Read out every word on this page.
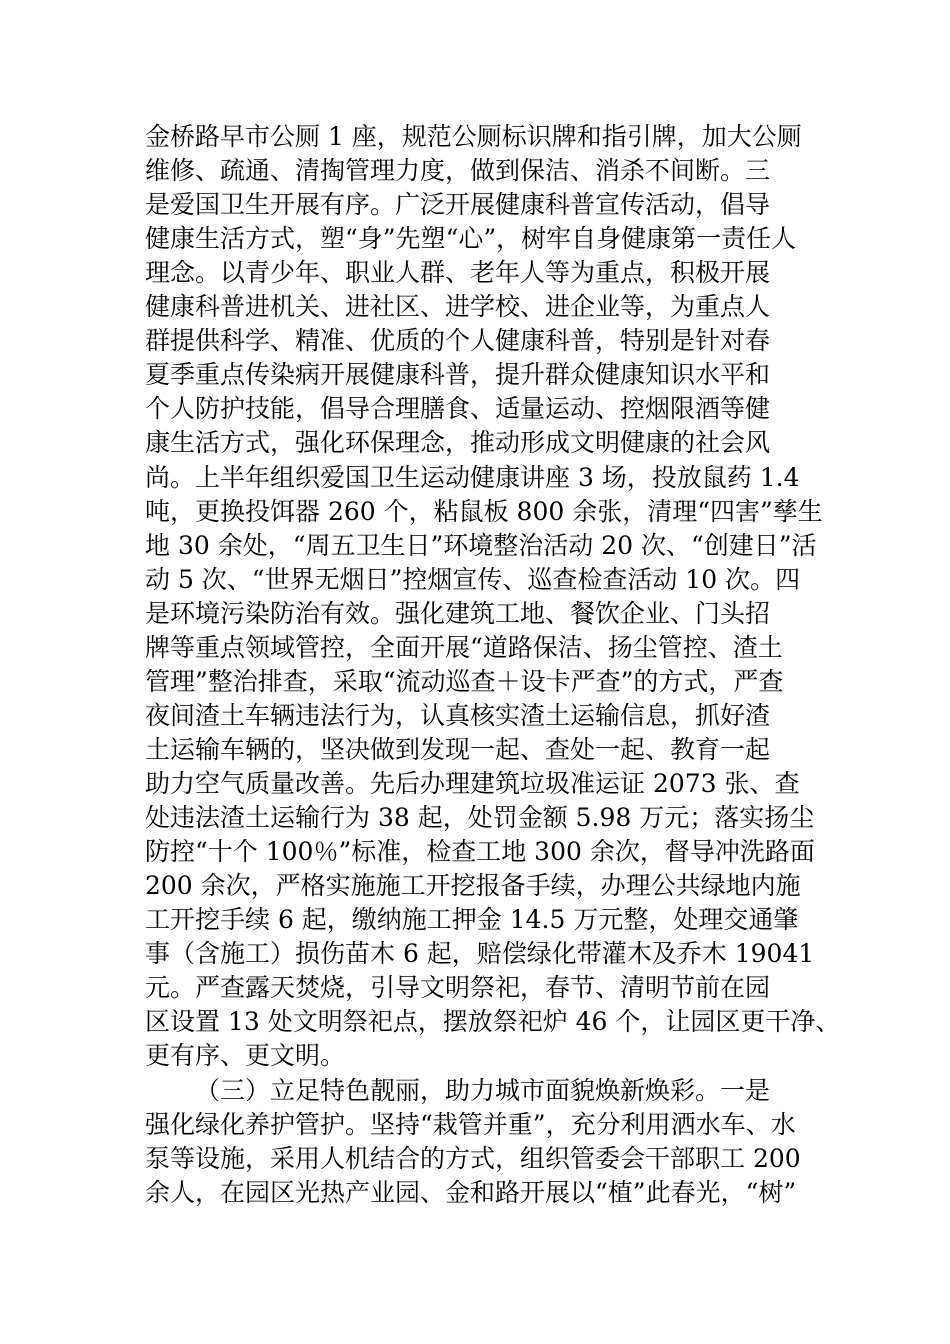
金桥路早市公厕 1 座，规范公厕标识牌和指引牌，加大公厕
维修、疏通、清掏管理力度，做到保洁、消杀不间断。三
是爱国卫生开展有序。广泛开展健康科普宣传活动，倡导
健康生活方式，塑“身”先塑“心”，树牢自身健康第一责任人
理念。以青少年、职业人群、老年人等为重点，积极开展
健康科普进机关、进社区、进学校、进企业等，为重点人
群提供科学、精准、优质的个人健康科普，特别是针对春
夏季重点传染病开展健康科普，提升群众健康知识水平和
个人防护技能，倡导合理膳食、适量运动、控烟限酒等健
康生活方式，强化环保理念，推动形成文明健康的社会风
尚。上半年组织爱国卫生运动健康讲座 3 场，投放鼠药 1.4
吨，更换投饵器 260 个，粘鼠板 800 余张，清理“四害”孳生
地 30 余处，“周五卫生日”环境整治活动 20 次、“创建日”活
动 5 次、“世界无烟日”控烟宣传、巡查检查活动 10 次。四
是环境污染防治有效。强化建筑工地、餐饮企业、门头招
牌等重点领域管控，全面开展“道路保洁、扬尘管控、渣土
管理”整治排查，采取“流动巡查＋设卡严查”的方式，严查
夜间渣土车辆违法行为，认真核实渣土运输信息，抓好渣
土运输车辆的，坚决做到发现一起、查处一起、教育一起
助力空气质量改善。先后办理建筑垃圾准运证 2073 张、查
处违法渣土运输行为 38 起，处罚金额 5.98 万元；落实扬尘
防控“十个 100％”标准，检查工地 300 余次，督导冲洗路面
200 余次，严格实施施工开挖报备手续，办理公共绿地内施
工开挖手续 6 起，缴纳施工押金 14.5 万元整，处理交通肇
事（含施工）损伤苗木 6 起，赔偿绿化带灌木及乔木 19041
元。严查露天焚烧，引导文明祭祀，春节、清明节前在园
区设置 13 处文明祭祀点，摆放祭祀炉 46 个，让园区更干净、
更有序、更文明。
（三）立足特色靓丽，助力城市面貌焕新焕彩。一是
强化绿化养护管护。坚持“栽管并重”，充分利用洒水车、水
泵等设施，采用人机结合的方式，组织管委会干部职工 200
余人，在园区光热产业园、金和路开展以“植”此春光，“树”
